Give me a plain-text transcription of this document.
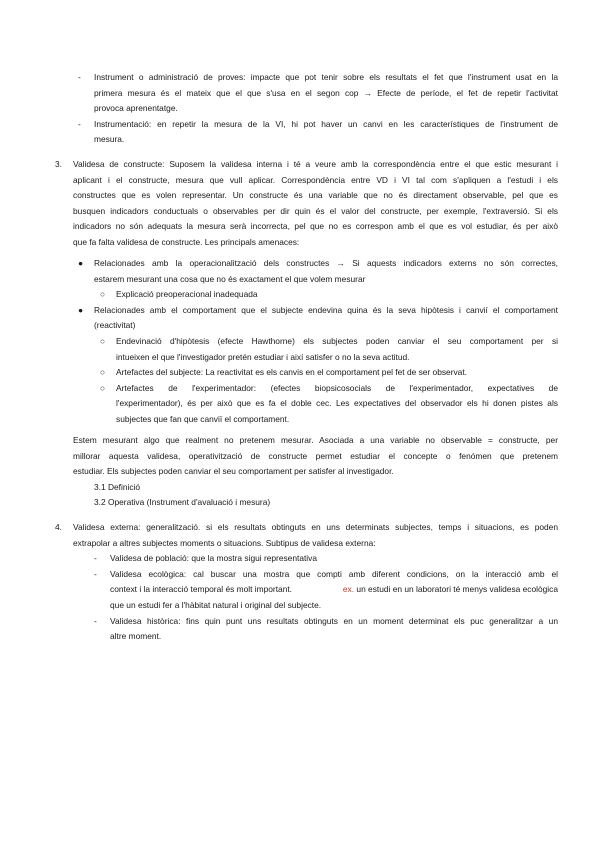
- Instrument o administració de proves: impacte que pot tenir sobre els resultats el fet que l'instrument usat en la
primera mesura és el mateix que el que s'usa en el segon cop → Efecte de període, el fet de repetir l'activitat
provoca aprenentatge.
- Instrumentació: en repetir la mesura de la VI, hi pot haver un canvi en les característiques de l'instrument de
mesura.
3. Validesa de constructe: Suposem la validesa interna i té a veure amb la correspondència entre el que estic mesurant i
aplicant i el constructe, mesura que vull aplicar. Correspondència entre VD i VI tal com s'apliquen a l'estudi i els
constructes que es volen representar. Un constructe és una variable que no és directament observable, pel que es
busquen indicadors conductuals o observables per dir quin és el valor del constructe, per exemple, l'extraversió. Si els
indicadors no són adequats la mesura serà incorrecta, pel que no es correspon amb el que es vol estudiar, és per això
que fa falta validesa de constructe. Les principals amenaces:
● Relacionades amb la operacionalització dels constructes → Si aquests indicadors externs no són correctes,
estarem mesurant una cosa que no és exactament el que volem mesurar
○ Explicació preoperacional inadequada
● Relacionades amb el comportament que el subjecte endevina quina és la seva hipòtesis i canvií el comportament
(reactivitat)
○ Endevinació d'hipòtesis (efecte Hawthorne) els subjectes poden canviar el seu comportament per si
intueixen el que l'investigador pretén estudiar i així satisfer o no la seva actitud.
○ Artefactes del subjecte: La reactivitat es els canvis en el comportament pel fet de ser observat.
○ Artefactes de l'experimentador: (efectes biopsicosocials de l'experimentador, expectatives de
l'experimentador), és per això que es fa el doble cec. Les expectatives del observador els hi donen pistes als
subjectes que fan que canviï el comportament.
Estem mesurant algo que realment no pretenem mesurar. Asociada a una variable no observable = constructe, per
millorar aquesta validesa, operativització de constructe permet estudiar el concepte o fenómen que pretenem
estudiar. Els subjectes poden canviar el seu comportament per satisfer al investigador.
3.1 Definició
3.2 Operativa (Instrument d'avaluació i mesura)
4. Validesa externa: generalització. si els resultats obtinguts en uns determinats subjectes, temps i situacions, es poden
extrapolar a altres subjectes moments o situacions. Subtipus de validesa externa:
- Validesa de població: que la mostra sigui representativa
- Validesa ecològica: cal buscar una mostra que compti amb diferent condicions, on la interacció amb el
context i la interacció temporal és molt important.	ex. un estudi en un laboratori té menys validesa ecològica
que un estudi fer a l'hàbitat natural i original del subjecte.
- Validesa històrica: fins quin punt uns resultats obtinguts en un moment determinat els puc generalitzar a un
altre moment.
